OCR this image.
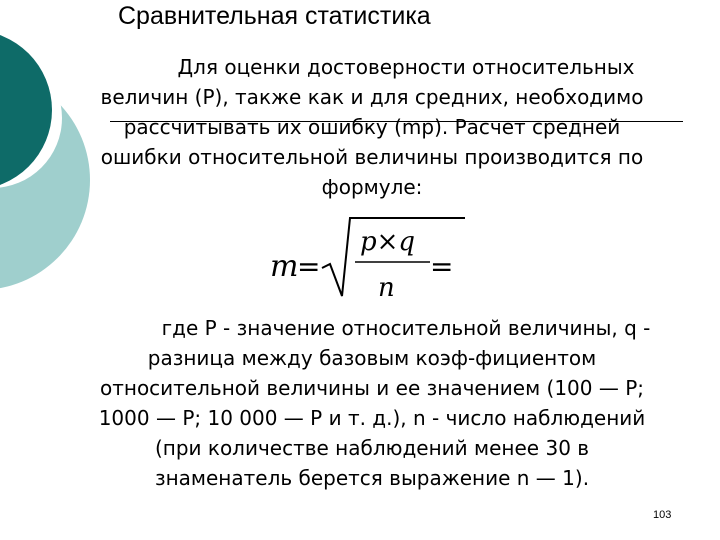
Сравнительная статистика

Для оценки достоверности относительных величин (Р), также как и для средних, необходимо рассчитывать их ошибку (mр). Расчет средней ошибки относительной величины производится по формуле:

m
=
p×q
n
=

где Р - значение относительной величины, q - разница между базовым коэф-фициентом относительной величины и ее значением (100 — Р; 1000 — Р; 10 000 — Р и т. д.), n - число наблюдений (при количестве наблюдений менее 30 в знаменатель берется выражение n — 1).

103
